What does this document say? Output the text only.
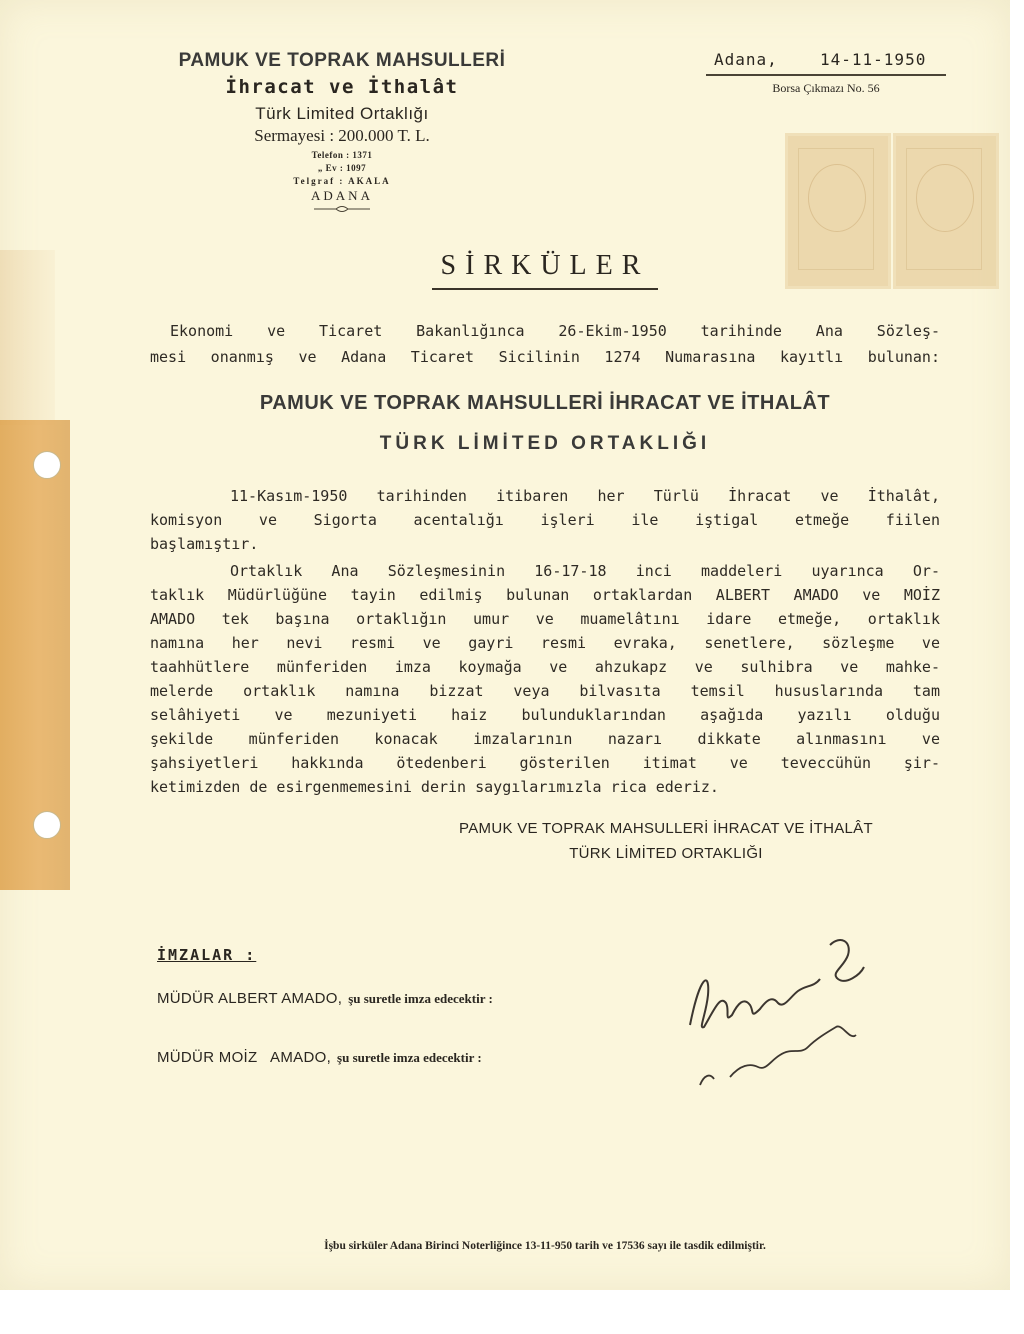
PAMUK VE TOPRAK MAHSULLERİ
İhracat ve İthalât
Türk Limited Ortaklığı
Sermayesi : 200.000 T. L.
Telefon : 1371
„ Ev : 1097
Telgraf : AKALA
ADANA
Adana,	14-11-1950
Borsa Çıkmazı No. 56
SİRKÜLER
Ekonomi ve Ticaret Bakanlığınca 26-Ekim-1950 tarihinde Ana Sözleş-
mesi onanmış ve Adana Ticaret Sicilinin 1274 Numarasına kayıtlı bulunan:
PAMUK VE TOPRAK MAHSULLERİ İHRACAT VE İTHALÂT
TÜRK LİMİTED ORTAKLIĞI
11-Kasım-1950 tarihinden itibaren her Türlü İhracat ve İthalât,
komisyon ve Sigorta acentalığı işleri ile iştigal etmeğe fiilen
başlamıştır.
Ortaklık Ana Sözleşmesinin 16-17-18 inci maddeleri uyarınca Or-
taklık Müdürlüğüne tayin edilmiş bulunan ortaklardan ALBERT AMADO ve MOİZ
AMADO tek başına ortaklığın umur ve muamelâtını idare etmeğe, ortaklık
namına her nevi resmi ve gayri resmi evraka, senetlere, sözleşme ve
taahhütlere münferiden imza koymağa ve ahzukapz ve sulhibra ve mahke-
melerde ortaklık namına bizzat veya bilvasıta temsil hususlarında tam
selâhiyeti ve mezuniyeti haiz bulunduklarından aşağıda yazılı olduğu
şekilde münferiden konacak imzalarının nazarı dikkate alınmasını ve
şahsiyetleri hakkında ötedenberi gösterilen itimat ve teveccühün şir-
ketimizden de esirgenmemesini derin saygılarımızla rica ederiz.
PAMUK VE TOPRAK MAHSULLERİ İHRACAT VE İTHALÂT
TÜRK LİMİTED ORTAKLIĞI
İMZALAR :
MÜDÜR ALBERT AMADO, şu suretle imza edecektir :
MÜDÜR MOİZ   AMADO, şu suretle imza edecektir :
İşbu sirküler Adana Birinci Noterliğince 13-11-950 tarih ve 17536 sayı ile tasdik edilmiştir.
